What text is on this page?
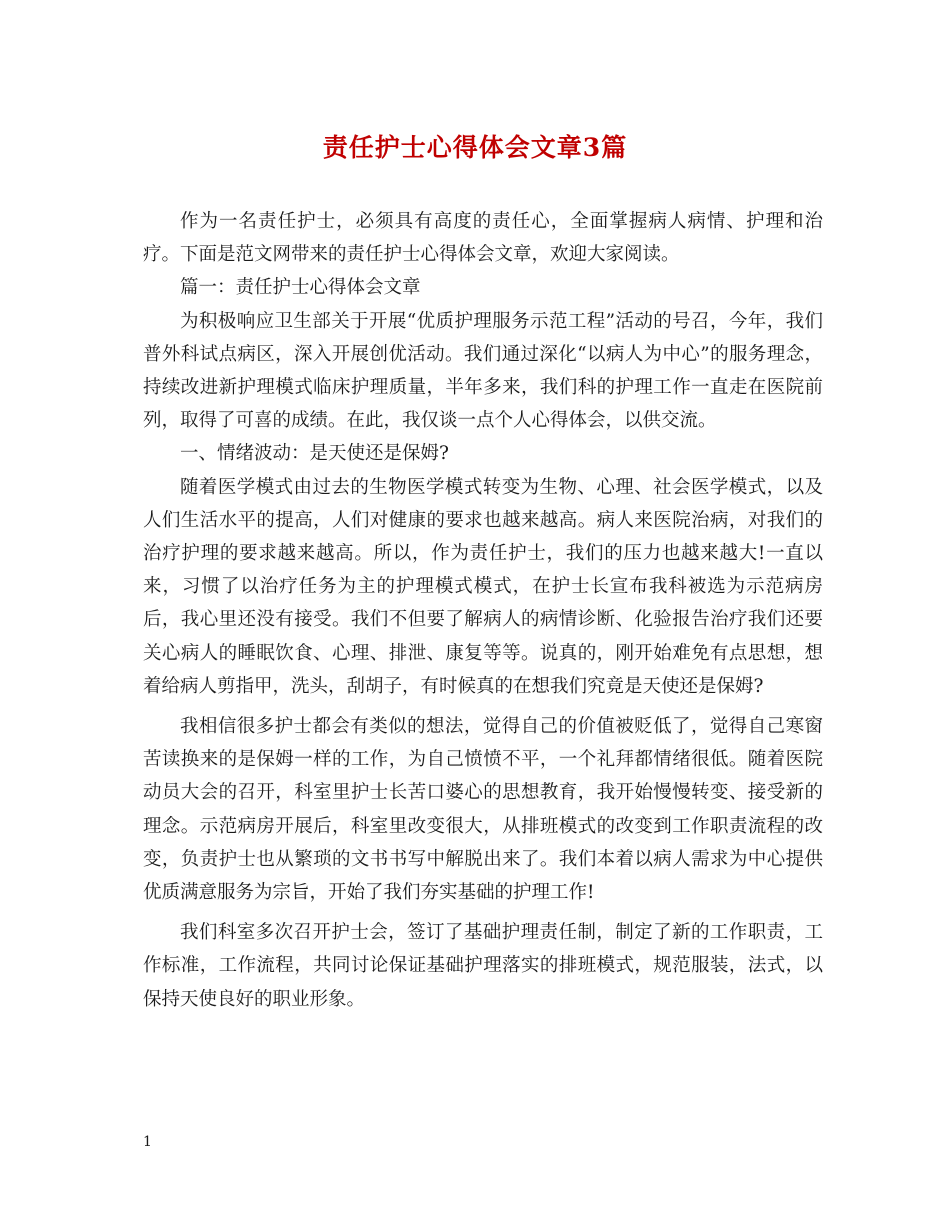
责任护士心得体会文章3篇

作为一名责任护士，必须具有高度的责任心，全面掌握病人病情、护理和治疗。下面是范文网带来的责任护士心得体会文章，欢迎大家阅读。

篇一：责任护士心得体会文章

为积极响应卫生部关于开展“优质护理服务示范工程”活动的号召，今年，我们普外科试点病区，深入开展创优活动。我们通过深化“以病人为中心”的服务理念，持续改进新护理模式临床护理质量，半年多来，我们科的护理工作一直走在医院前列，取得了可喜的成绩。在此，我仅谈一点个人心得体会，以供交流。

一、情绪波动：是天使还是保姆?

随着医学模式由过去的生物医学模式转变为生物、心理、社会医学模式，以及人们生活水平的提高，人们对健康的要求也越来越高。病人来医院治病，对我们的治疗护理的要求越来越高。所以，作为责任护士，我们的压力也越来越大!一直以来，习惯了以治疗任务为主的护理模式模式，在护士长宣布我科被选为示范病房后，我心里还没有接受。我们不但要了解病人的病情诊断、化验报告治疗我们还要关心病人的睡眠饮食、心理、排泄、康复等等。说真的，刚开始难免有点思想，想着给病人剪指甲，洗头，刮胡子，有时候真的在想我们究竟是天使还是保姆?

我相信很多护士都会有类似的想法，觉得自己的价值被贬低了，觉得自己寒窗苦读换来的是保姆一样的工作，为自己愤愤不平，一个礼拜都情绪很低。随着医院动员大会的召开，科室里护士长苦口婆心的思想教育，我开始慢慢转变、接受新的理念。示范病房开展后，科室里改变很大，从排班模式的改变到工作职责流程的改变，负责护士也从繁琐的文书书写中解脱出来了。我们本着以病人需求为中心提供优质满意服务为宗旨，开始了我们夯实基础的护理工作!

我们科室多次召开护士会，签订了基础护理责任制，制定了新的工作职责，工作标准，工作流程，共同讨论保证基础护理落实的排班模式，规范服装，法式，以保持天使良好的职业形象。

1
